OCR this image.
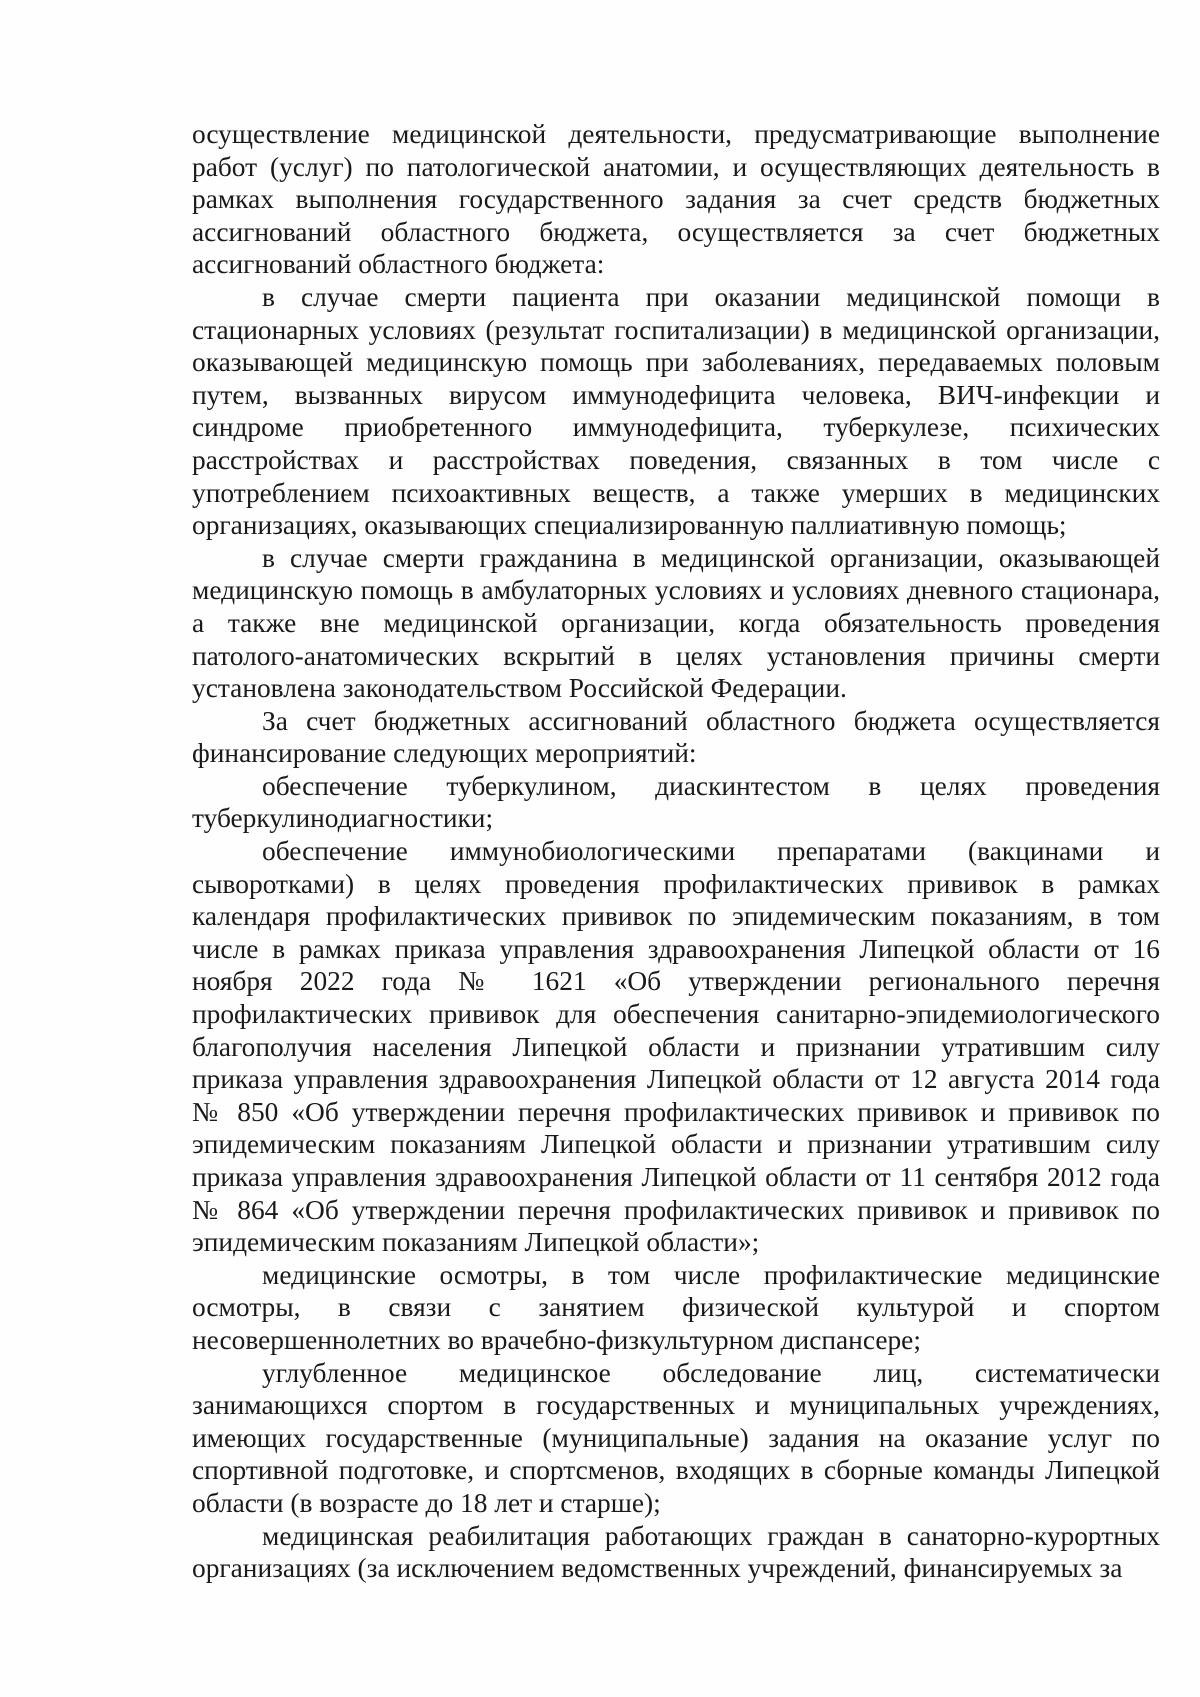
осуществление медицинской деятельности, предусматривающие выполнение работ (услуг) по патологической анатомии, и осуществляющих деятельность в рамках выполнения государственного задания за счет средств бюджетных ассигнований областного бюджета, осуществляется за счет бюджетных ассигнований областного бюджета:

в случае смерти пациента при оказании медицинской помощи в стационарных условиях (результат госпитализации) в медицинской организации, оказывающей медицинскую помощь при заболеваниях, передаваемых половым путем, вызванных вирусом иммунодефицита человека, ВИЧ-инфекции и синдроме приобретенного иммунодефицита, туберкулезе, психических расстройствах и расстройствах поведения, связанных в том числе с употреблением психоактивных веществ, а также умерших в медицинских организациях, оказывающих специализированную паллиативную помощь;

в случае смерти гражданина в медицинской организации, оказывающей медицинскую помощь в амбулаторных условиях и условиях дневного стационара, а также вне медицинской организации, когда обязательность проведения патолого-анатомических вскрытий в целях установления причины смерти установлена законодательством Российской Федерации.

За счет бюджетных ассигнований областного бюджета осуществляется финансирование следующих мероприятий:

обеспечение туберкулином, диаскинтестом в целях проведения туберкулинодиагностики;

обеспечение иммунобиологическими препаратами (вакцинами и сыворотками) в целях проведения профилактических прививок в рамках календаря профилактических прививок по эпидемическим показаниям, в том числе в рамках приказа управления здравоохранения Липецкой области от 16 ноября 2022 года № 1621 «Об утверждении регионального перечня профилактических прививок для обеспечения санитарно-эпидемиологического благополучия населения Липецкой области и признании утратившим силу приказа управления здравоохранения Липецкой области от 12 августа 2014 года № 850 «Об утверждении перечня профилактических прививок и прививок по эпидемическим показаниям Липецкой области и признании утратившим силу приказа управления здравоохранения Липецкой области от 11 сентября 2012 года № 864 «Об утверждении перечня профилактических прививок и прививок по эпидемическим показаниям Липецкой области»;

медицинские осмотры, в том числе профилактические медицинские осмотры, в связи с занятием физической культурой и спортом несовершеннолетних во врачебно-физкультурном диспансере;

углубленное медицинское обследование лиц, систематически занимающихся спортом в государственных и муниципальных учреждениях, имеющих государственные (муниципальные) задания на оказание услуг по спортивной подготовке, и спортсменов, входящих в сборные команды Липецкой области (в возрасте до 18 лет и старше);

медицинская реабилитация работающих граждан в санаторно-курортных организациях (за исключением ведомственных учреждений, финансируемых за
